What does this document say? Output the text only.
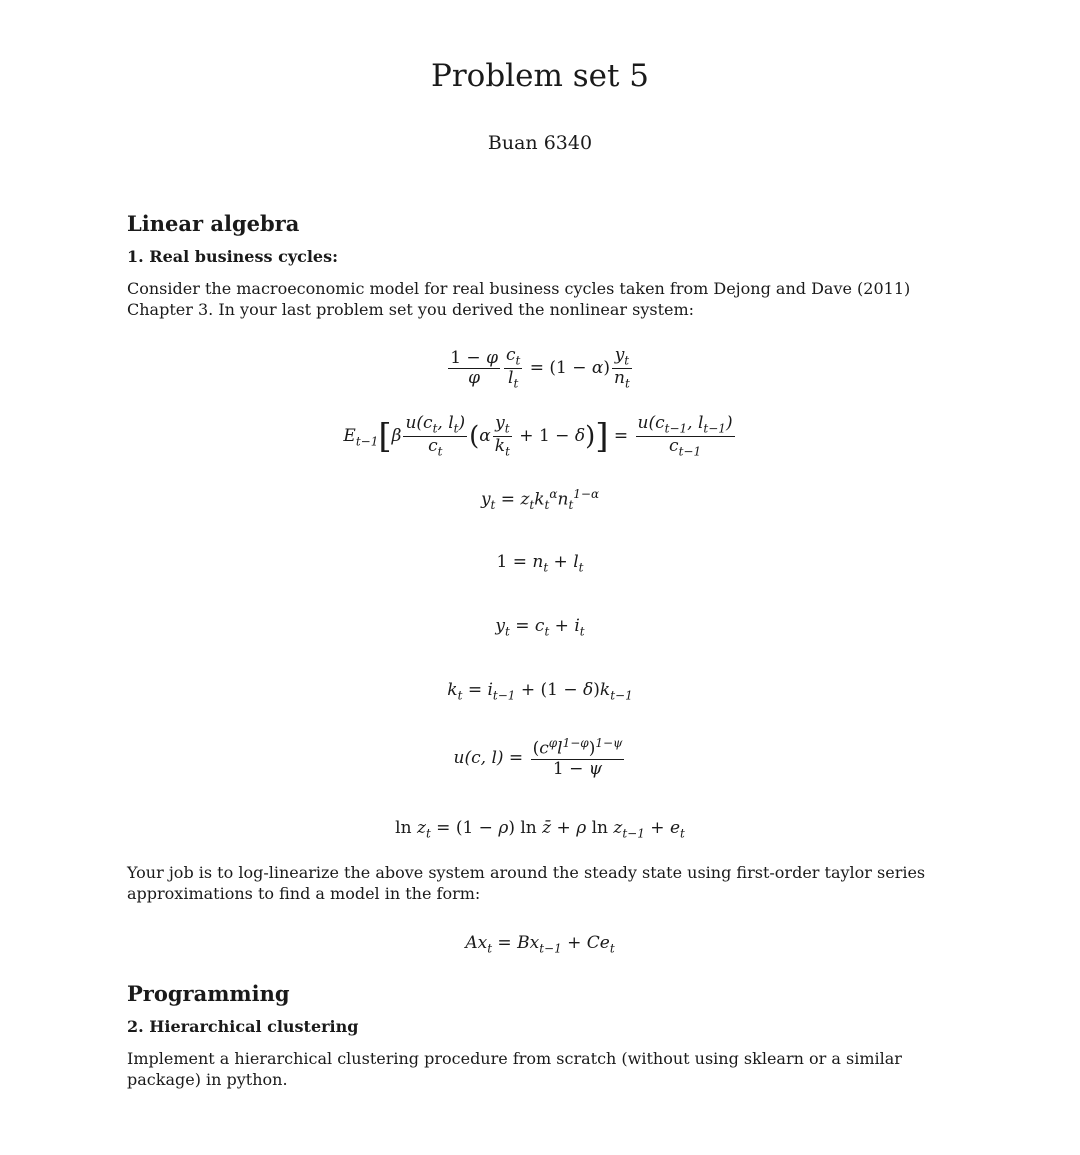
Problem set 5
Buan 6340
Linear algebra
1. Real business cycles:
Consider the macroeconomic model for real business cycles taken from Dejong and Dave (2011) Chapter 3. In your last problem set you derived the nonlinear system:
$\frac{1 - \varphi}{\varphi} \frac{c_t}{l_t} = (1 - \alpha) \frac{y_t}{n_t}$
$E_{t-1}[\beta \frac{u(c_t, l_t)}{c_t} (\alpha \frac{y_t}{k_t} + 1 - \delta)] = \frac{u(c_{t-1}, l_{t-1})}{c_{t-1}}$
$y_t = z_tk_t^\alpha n_t^{1-\alpha}$
$1 = n_t + l_t$
$y_t = c_t + i_t$
$k_t = i_{t-1} + (1 - \delta)k_{t-1}$
u(c, $l) = \frac{(c^\varphi l^{1-\varphi})^{1-\psi}}{1 - \psi}$
$\ln z_t = (1 - \rho)$ ln z̄ + ρ $\ln z_{t-1} + e_t$
Your job is to log-linearize the above system around the steady state using first-order taylor series approximations to find a model in the form:
$Ax_t = Bx_{t-1} + Ce_t$
Programming
2. Hierarchical clustering
Implement a hierarchical clustering procedure from scratch (without using sklearn or a similar package) in python.
